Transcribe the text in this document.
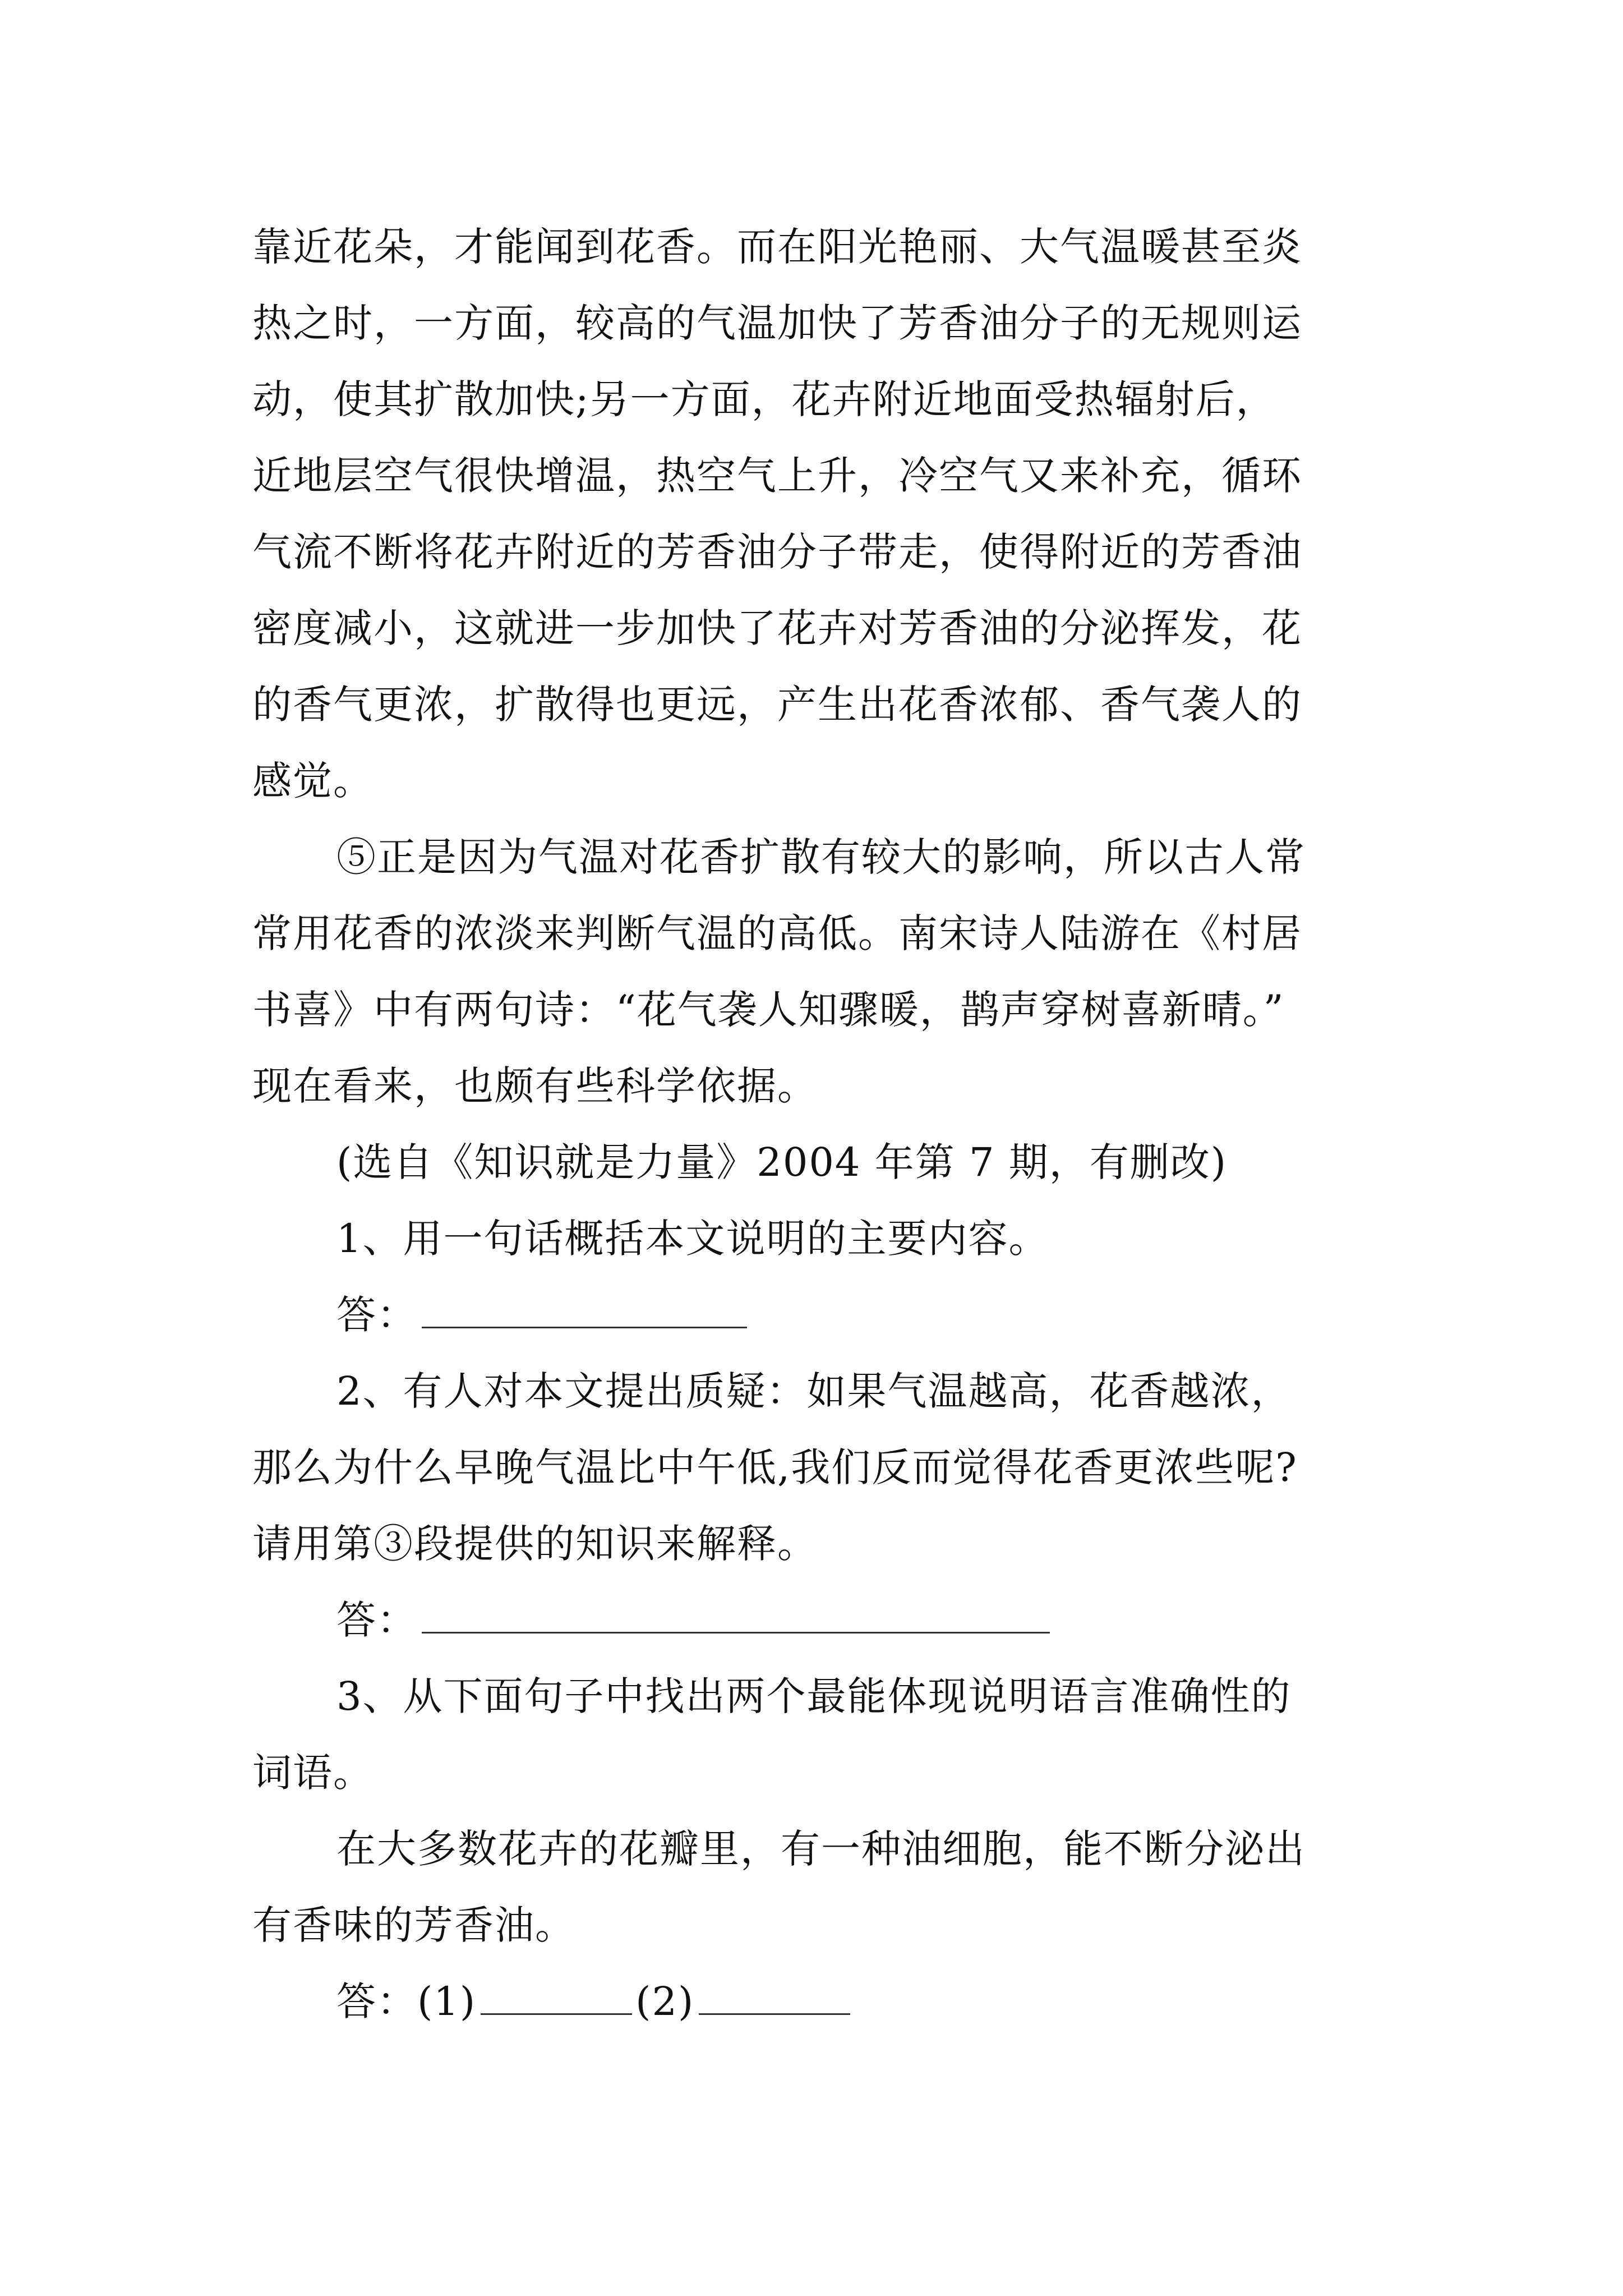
靠近花朵，才能闻到花香。而在阳光艳丽、大气温暖甚至炎
热之时，一方面，较高的气温加快了芳香油分子的无规则运
动，使其扩散加快;另一方面，花卉附近地面受热辐射后，
近地层空气很快增温，热空气上升，冷空气又来补充，循环
气流不断将花卉附近的芳香油分子带走，使得附近的芳香油
密度减小，这就进一步加快了花卉对芳香油的分泌挥发，花
的香气更浓，扩散得也更远，产生出花香浓郁、香气袭人的
感觉。
⑤正是因为气温对花香扩散有较大的影响，所以古人常
常用花香的浓淡来判断气温的高低。南宋诗人陆游在《村居
书喜》中有两句诗：“花气袭人知骤暖，鹊声穿树喜新晴。”
现在看来，也颇有些科学依据。
(选自《知识就是力量》2004 年第 7 期，有删改)
1、用一句话概括本文说明的主要内容。
答：
2、有人对本文提出质疑：如果气温越高，花香越浓，
那么为什么早晚气温比中午低,我们反而觉得花香更浓些呢?
请用第③段提供的知识来解释。
答：
3、从下面句子中找出两个最能体现说明语言准确性的
词语。
在大多数花卉的花瓣里，有一种油细胞，能不断分泌出
有香味的芳香油。
答：(1)	(2)
